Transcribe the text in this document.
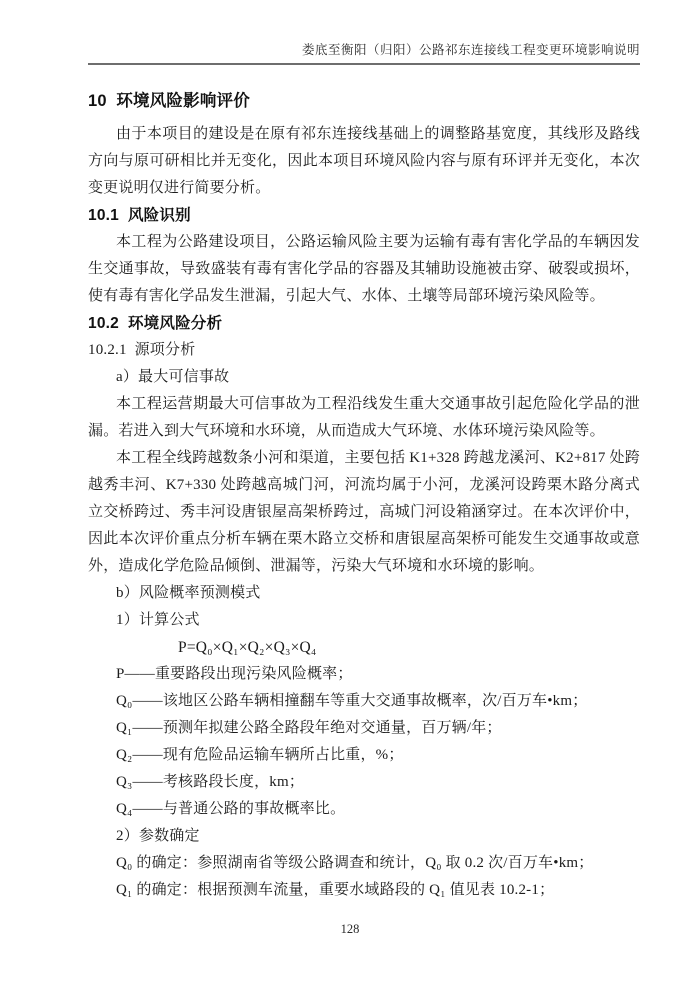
娄底至衡阳（归阳）公路祁东连接线工程变更环境影响说明
10  环境风险影响评价

由于本项目的建设是在原有祁东连接线基础上的调整路基宽度，其线形及路线方向与原可研相比并无变化，因此本项目环境风险内容与原有环评并无变化，本次变更说明仅进行简要分析。

10.1  风险识别

本工程为公路建设项目，公路运输风险主要为运输有毒有害化学品的车辆因发生交通事故，导致盛装有毒有害化学品的容器及其辅助设施被击穿、破裂或损坏，使有毒有害化学品发生泄漏，引起大气、水体、土壤等局部环境污染风险等。

10.2  环境风险分析
10.2.1  源项分析

a）最大可信事故

本工程运营期最大可信事故为工程沿线发生重大交通事故引起危险化学品的泄漏。若进入到大气环境和水环境，从而造成大气环境、水体环境污染风险等。

本工程全线跨越数条小河和渠道，主要包括 K1+328 跨越龙溪河、K2+817 处跨越秀丰河、K7+330 处跨越高城门河，河流均属于小河，龙溪河设跨栗木路分离式立交桥跨过、秀丰河设唐银屋高架桥跨过，高城门河设箱涵穿过。在本次评价中，因此本次评价重点分析车辆在栗木路立交桥和唐银屋高架桥可能发生交通事故或意外，造成化学危险品倾倒、泄漏等，污染大气环境和水环境的影响。

b）风险概率预测模式

1）计算公式

P=Q₀×Q₁×Q₂×Q₃×Q₄

P——重要路段出现污染风险概率；

Q₀——该地区公路车辆相撞翻车等重大交通事故概率，次/百万车•km；

Q₁——预测年拟建公路全路段年绝对交通量，百万辆/年；

Q₂——现有危险品运输车辆所占比重，%；

Q₃——考核路段长度，km；

Q₄——与普通公路的事故概率比。

2）参数确定

Q₀ 的确定：参照湖南省等级公路调查和统计，Q₀ 取 0.2 次/百万车•km；

Q₁ 的确定：根据预测车流量，重要水域路段的 Q₁ 值见表 10.2-1；

128
